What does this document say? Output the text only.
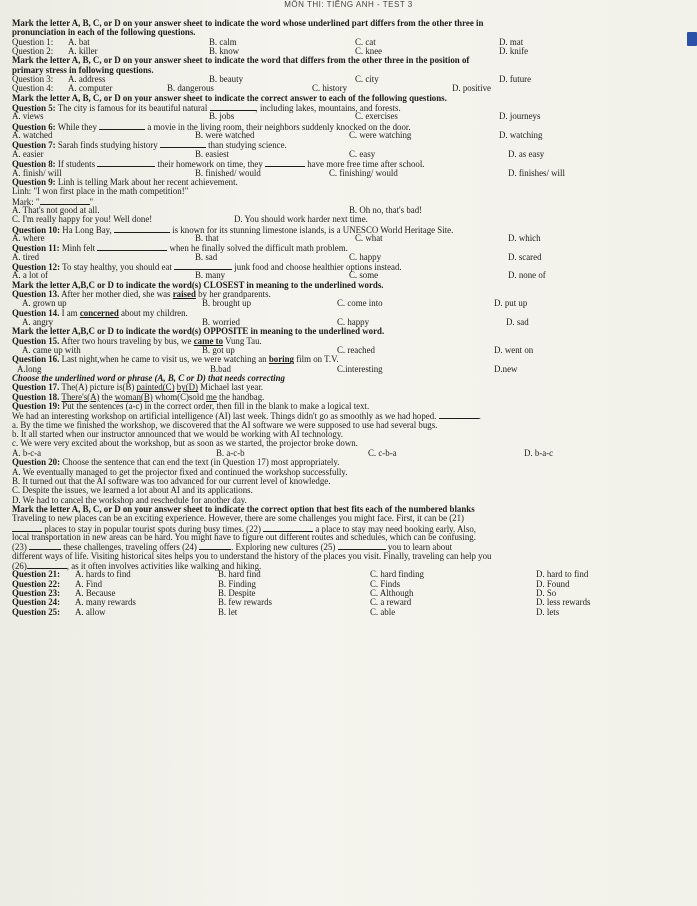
MÔN THI: TIẾNG ANH - TEST 3
Mark the letter A, B, C, or D on your answer sheet to indicate the word whose underlined part differs from the other three in
pronunciation in each of the following questions.
Question 1: A. bat	B. calm	C. cat	D. mat
Question 2: A. killer	B. know	C. knee	D. knife
Mark the letter A, B, C, or D on your answer sheet to indicate the word that differs from the other three in the position of
primary stress in following questions.
Question 3: A. address	B. beauty	C. city	D. future
Question 4: A. computer	B. dangerous	C. history	D. positive
Mark the letter A, B, C, or D on your answer sheet to indicate the correct answer to each of the following questions.
Question 5: The city is famous for its beautiful natural	, including lakes, mountains, and forests.
A. views	B. jobs	C. exercises	D. journeys
Question 6: While they	a movie in the living room, their neighbors suddenly knocked on the door.
A. watched	B. were watched	C. were watching	D. watching
Question 7: Sarah finds studying history	than studying science.
A. easier	B. easiest	C. easy	D. as easy
Question 8: If students	their homework on time, they	have more free time after school.
A. finish/ will	B. finished/ would	C. finishing/ would	D. finishes/ will
Question 9: Linh is telling Mark about her recent achievement.
Linh: "I won first place in the math competition!"
Mark: "	"
A. That's not good at all.	B. Oh no, that's bad!
C. I'm really happy for you! Well done!	D. You should work harder next time.
Question 10: Ha Long Bay,	is known for its stunning limestone islands, is a UNESCO World Heritage Site.
A. where	B. that	C. what	D. which
Question 11: Minh felt	when he finally solved the difficult math problem.
A. tired	B. sad	C. happy	D. scared
Question 12: To stay healthy, you should eat	junk food and choose healthier options instead.
A. a lot of	B. many	C. some	D. none of
Mark the letter A,B,C or D to indicate the word(s) CLOSEST in meaning to the underlined words.
Question 13. After her mother died, she was raised by her grandparents.
A. grown up	B. brought up	C. come into	D. put up
Question 14. I am concerned about my children.
A. angry	B. worried	C. happy	D. sad
Mark the letter A,B,C or D to indicate the word(s) OPPOSITE in meaning to the underlined word.
Question 15. After two hours traveling by bus, we came to Vung Tau.
A. came up with	B. got up	C. reached	D. went on
Question 16. Last night,when he came to visit us, we were watching an boring film on T.V.
A.long	B.bad	C.interesting	D.new
Choose the underlined word or phrase (A, B, C or D) that needs correcting
Question 17. The(A) picture is(B) painted(C) by(D) Michael last year.
Question 18. There's(A) the woman(B) whom(C)sold me the handbag.
Question 19: Put the sentences (a-c) in the correct order, then fill in the blank to make a logical text.
We had an interesting workshop on artificial intelligence (AI) last week. Things didn't go as smoothly as we had hoped.	.
a. By the time we finished the workshop, we discovered that the AI software we were supposed to use had several bugs.
b. It all started when our instructor announced that we would be working with AI technology.
c. We were very excited about the workshop, but as soon as we started, the projector broke down.
A. b-c-a	B. a-c-b	C. c-b-a	D. b-a-c
Question 20: Choose the sentence that can end the text (in Question 17) most appropriately.
A. We eventually managed to get the projector fixed and continued the workshop successfully.
B. It turned out that the AI software was too advanced for our current level of knowledge.
C. Despite the issues, we learned a lot about AI and its applications.
D. We had to cancel the workshop and reschedule for another day.
Mark the letter A, B, C, or D on your answer sheet to indicate the correct option that best fits each of the numbered blanks
Traveling to new places can be an exciting experience. However, there are some challenges you might face. First, it can be (21)
places to stay in popular tourist spots during busy times. (22)	a place to stay may need booking early. Also,
local transportation in new areas can be hard. You might have to figure out different routes and schedules, which can be confusing.
(23)	these challenges, traveling offers (24)	. Exploring new cultures (25)	you to learn about
different ways of life. Visiting historical sites helps you to understand the history of the places you visit. Finally, traveling can help you
(26)	, as it often involves activities like walking and hiking.
Question 21: A. hards to find	B. hard find	C. hard finding	D. hard to find
Question 22: A. Find	B. Finding	C. Finds	D. Found
Question 23: A. Because	B. Despite	C. Although	D. So
Question 24: A. many rewards	B. few rewards	C. a reward	D. less rewards
Question 25: A. allow	B. let	C. able	D. lets
